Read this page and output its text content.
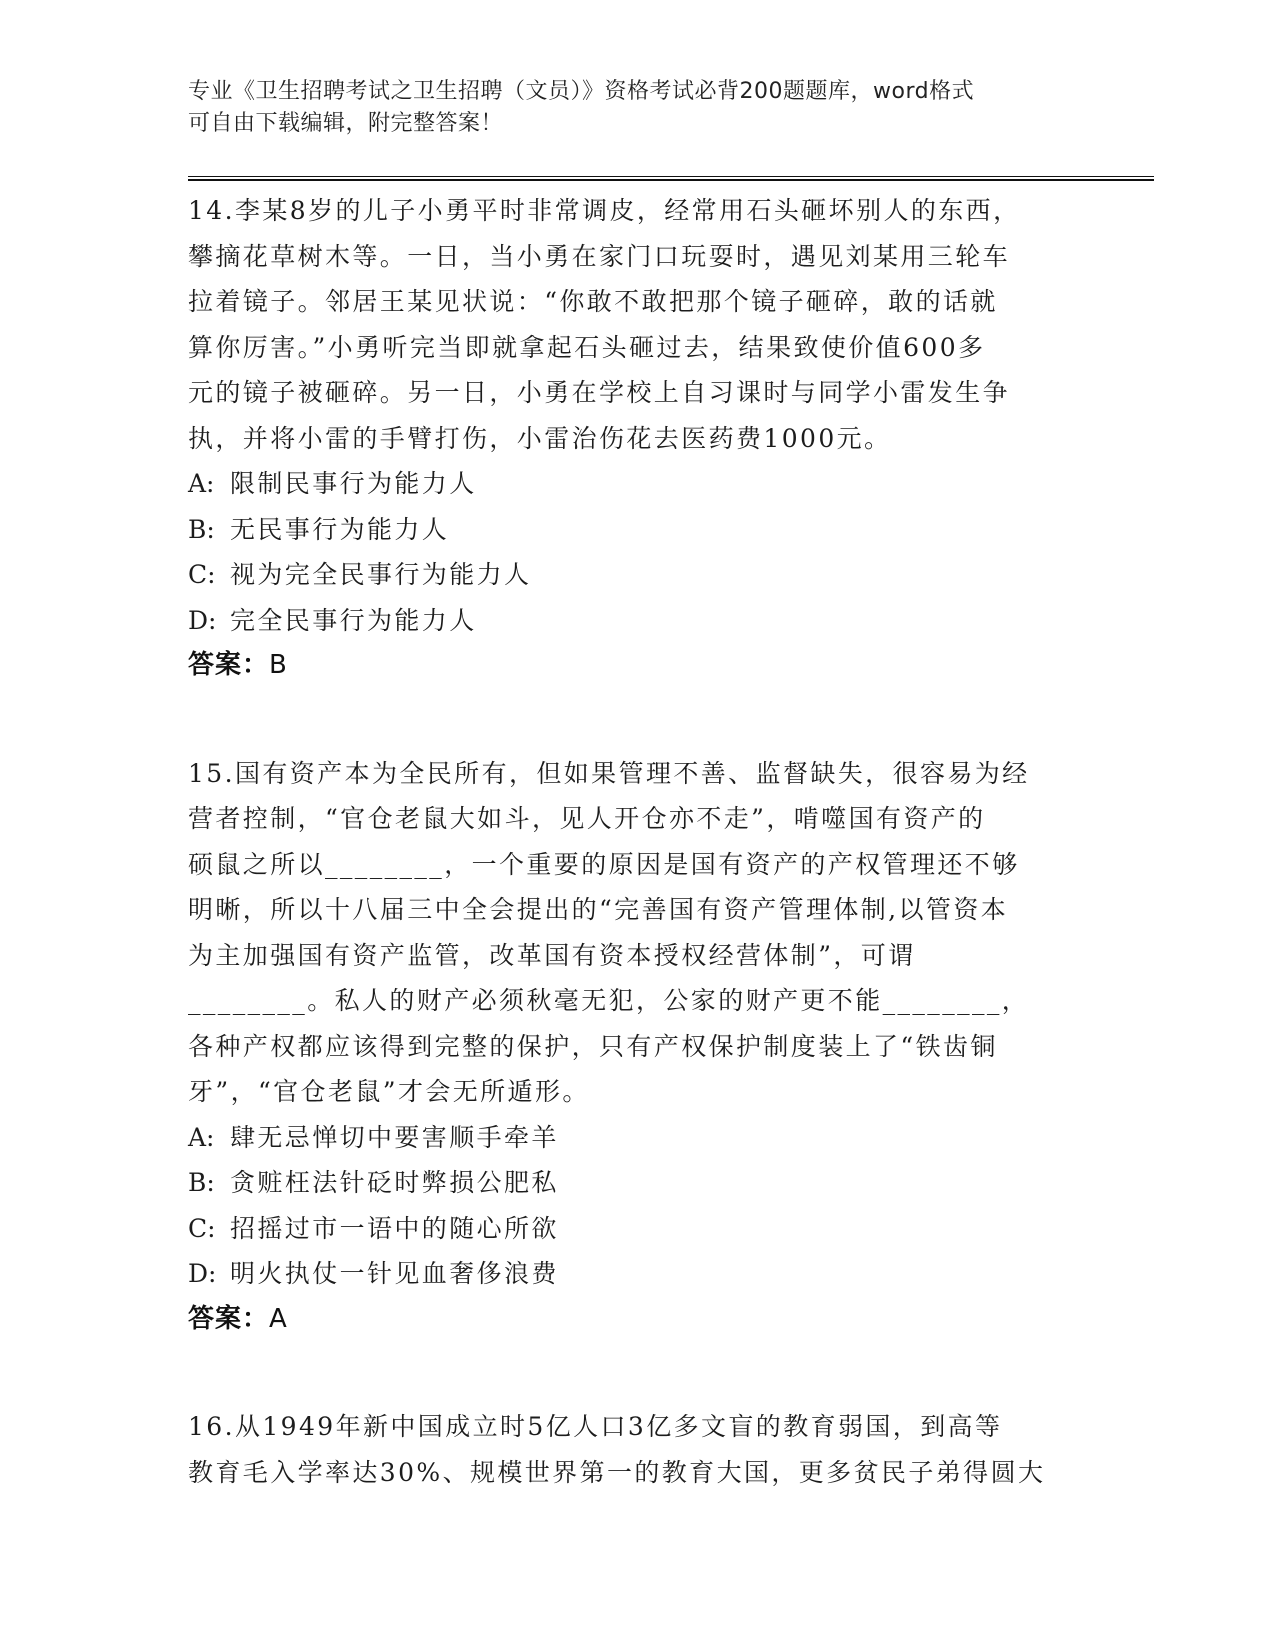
专业《卫生招聘考试之卫生招聘（文员）》资格考试必背200题题库，word格式
可自由下载编辑，附完整答案！

14.李某8岁的儿子小勇平时非常调皮，经常用石头砸坏别人的东西，
攀摘花草树木等。一日，当小勇在家门口玩耍时，遇见刘某用三轮车
拉着镜子。邻居王某见状说：“你敢不敢把那个镜子砸碎，敢的话就
算你厉害。”小勇听完当即就拿起石头砸过去，结果致使价值600多
元的镜子被砸碎。另一日，小勇在学校上自习课时与同学小雷发生争
执，并将小雷的手臂打伤，小雷治伤花去医药费1000元。

A: 限制民事行为能力人

B: 无民事行为能力人

C: 视为完全民事行为能力人

D: 完全民事行为能力人

答案：B

15.国有资产本为全民所有，但如果管理不善、监督缺失，很容易为经
营者控制，“官仓老鼠大如斗，见人开仓亦不走”，啃噬国有资产的
硕鼠之所以________，一个重要的原因是国有资产的产权管理还不够
明晰，所以十八届三中全会提出的“完善国有资产管理体制,以管资本
为主加强国有资产监管，改革国有资本授权经营体制”，可谓
________。私人的财产必须秋毫无犯，公家的财产更不能________，
各种产权都应该得到完整的保护，只有产权保护制度装上了“铁齿铜
牙”，“官仓老鼠”才会无所遁形。

A: 肆无忌惮切中要害顺手牵羊

B: 贪赃枉法针砭时弊损公肥私

C: 招摇过市一语中的随心所欲

D: 明火执仗一针见血奢侈浪费

答案：A

16.从1949年新中国成立时5亿人口3亿多文盲的教育弱国，到高等
教育毛入学率达30%、规模世界第一的教育大国，更多贫民子弟得圆大
